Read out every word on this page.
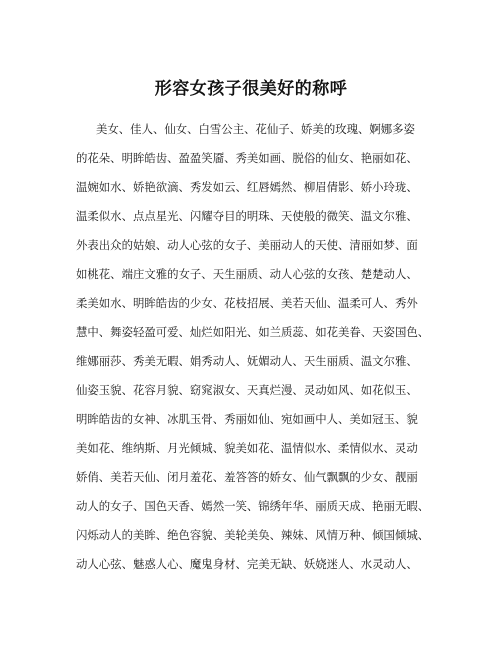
形容女孩子很美好的称呼
美女、佳人、仙女、白雪公主、花仙子、娇美的玫瑰、婀娜多姿
的花朵、明眸皓齿、盈盈笑靥、秀美如画、脱俗的仙女、艳丽如花、
温婉如水、娇艳欲滴、秀发如云、红唇嫣然、柳眉倩影、娇小玲珑、
温柔似水、点点星光、闪耀夺目的明珠、天使般的微笑、温文尔雅、
外表出众的姑娘、动人心弦的女子、美丽动人的天使、清丽如梦、面
如桃花、端庄文雅的女子、天生丽质、动人心弦的女孩、楚楚动人、
柔美如水、明眸皓齿的少女、花枝招展、美若天仙、温柔可人、秀外
慧中、舞姿轻盈可爱、灿烂如阳光、如兰质蕊、如花美眷、天姿国色、
维娜丽莎、秀美无暇、娟秀动人、妩媚动人、天生丽质、温文尔雅、
仙姿玉貌、花容月貌、窈窕淑女、天真烂漫、灵动如风、如花似玉、
明眸皓齿的女神、冰肌玉骨、秀丽如仙、宛如画中人、美如冠玉、貌
美如花、维纳斯、月光倾城、貌美如花、温情似水、柔情似水、灵动
娇俏、美若天仙、闭月羞花、羞答答的娇女、仙气飘飘的少女、靓丽
动人的女子、国色天香、嫣然一笑、锦绣年华、丽质天成、艳丽无暇、
闪烁动人的美眸、绝色容貌、美轮美奂、辣妹、风情万种、倾国倾城、
动人心弦、魅惑人心、魔鬼身材、完美无缺、妖娆迷人、水灵动人、
